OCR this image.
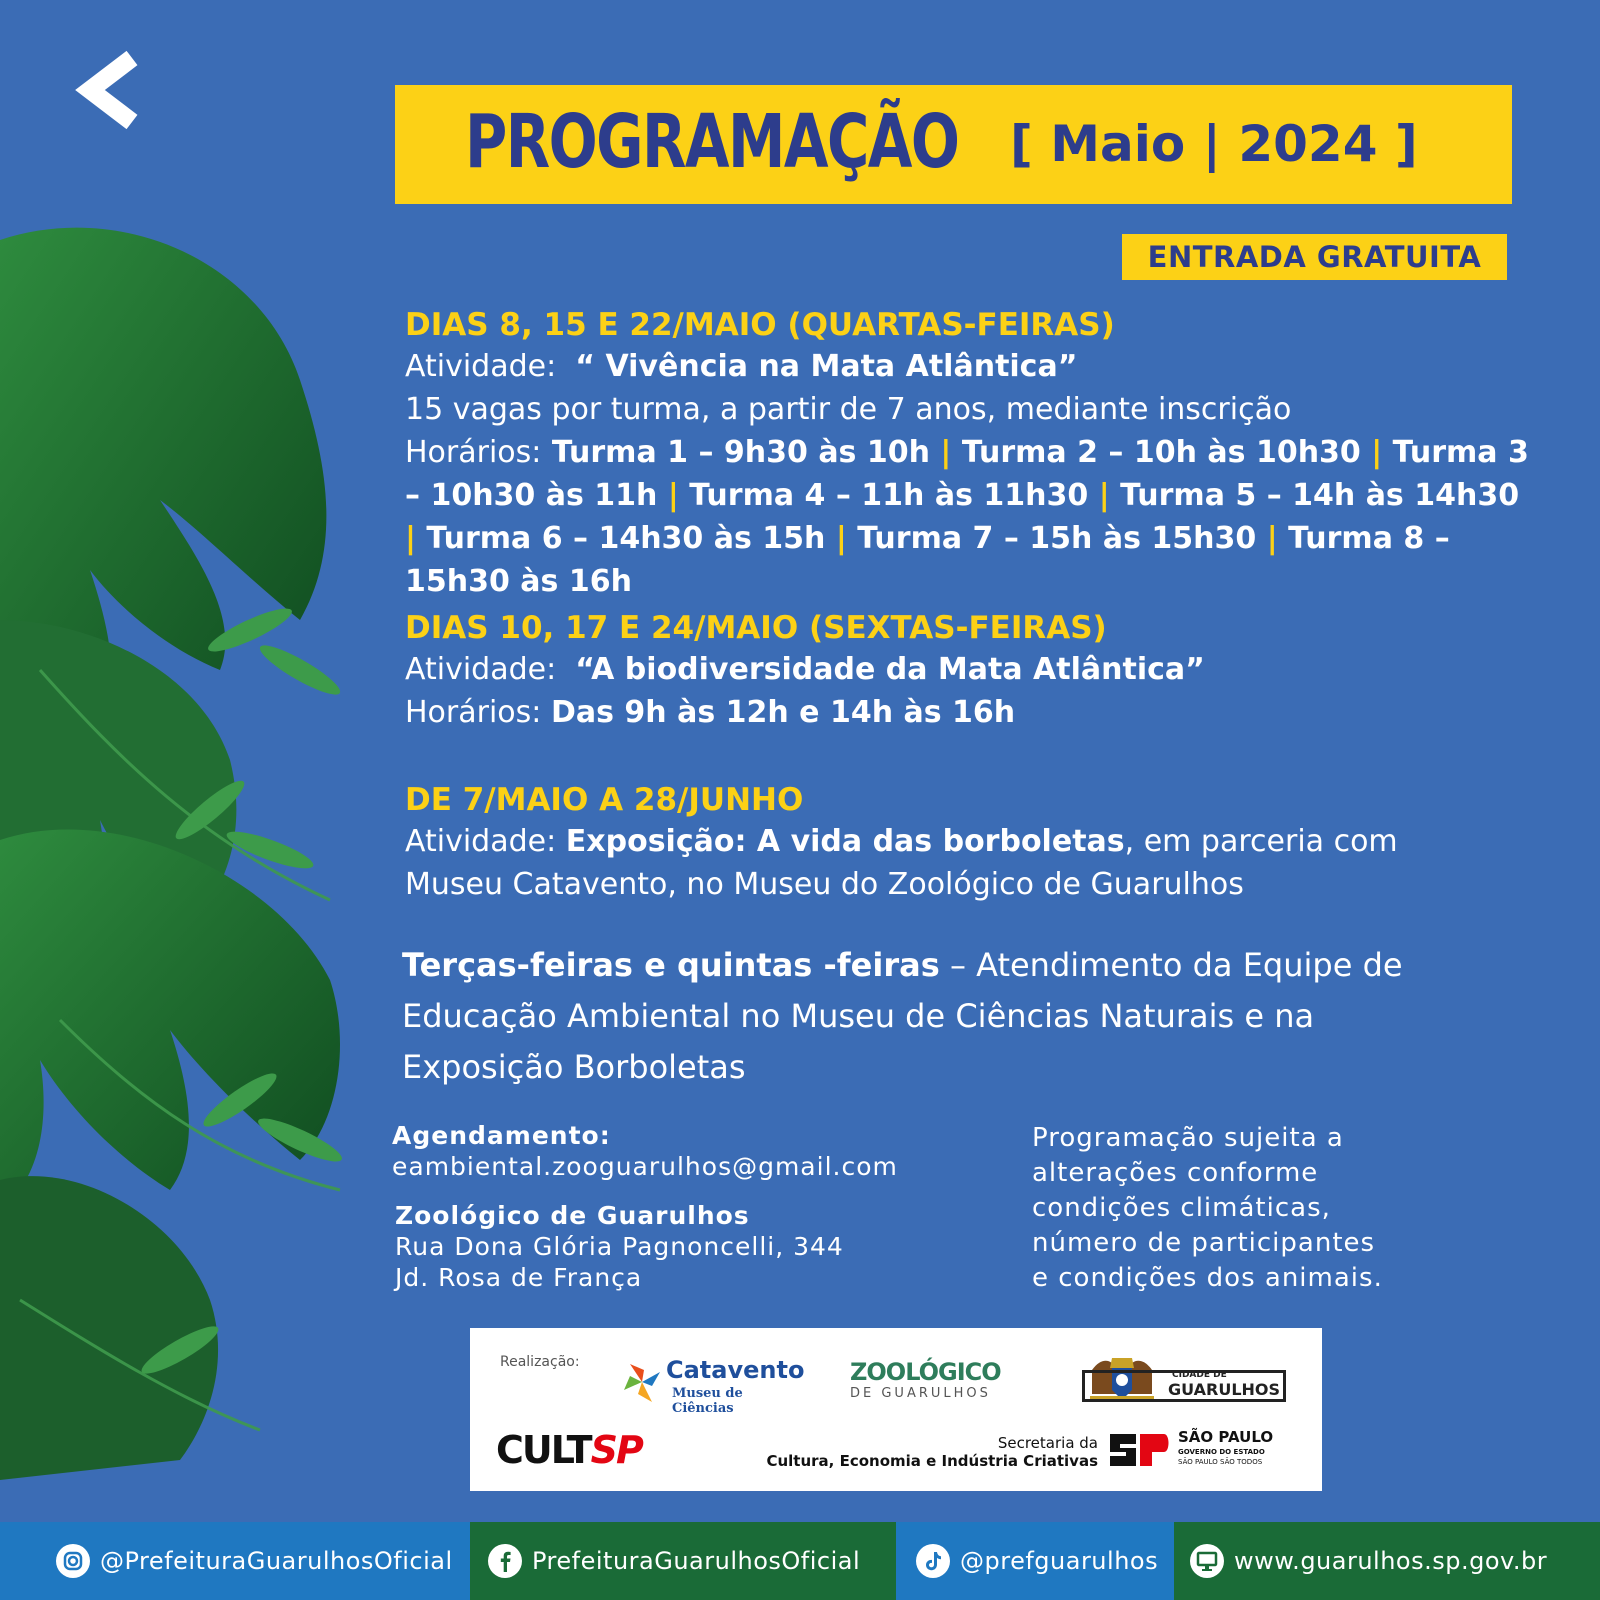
PROGRAMAÇÃO [ Maio | 2024 ]
ENTRADA GRATUITA
DIAS 8, 15 E 22/MAIO (QUARTAS-FEIRAS)
Atividade: “ Vivência na Mata Atlântica”
15 vagas por turma, a partir de 7 anos, mediante inscrição
Horários: Turma 1 – 9h30 às 10h | Turma 2 – 10h às 10h30 | Turma 3 – 10h30 às 11h | Turma 4 – 11h às 11h30 | Turma 5 – 14h às 14h30 | Turma 6 – 14h30 às 15h | Turma 7 – 15h às 15h30 | Turma 8 – 15h30 às 16h
DIAS 10, 17 E 24/MAIO (SEXTAS-FEIRAS)
Atividade: “A biodiversidade da Mata Atlântica”
Horários: Das 9h às 12h e 14h às 16h
DE 7/MAIO A 28/JUNHO
Atividade: Exposição: A vida das borboletas, em parceria com
Museu Catavento, no Museu do Zoológico de Guarulhos
Terças-feiras e quintas -feiras – Atendimento da Equipe de Educação Ambiental no Museu de Ciências Naturais e na Exposição Borboletas
Agendamento:
eambiental.zooguarulhos@gmail.com
Zoológico de Guarulhos
Rua Dona Glória Pagnoncelli, 344
Jd. Rosa de França
Programação sujeita a
alterações conforme
condições climáticas,
número de participantes
e condições dos animais.
Realização:	Catavento
Museu de Ciências
ZOOLÓGICO
DE GUARULHOS
CIDADE DE
GUARULHOS
CULTSP	Secretaria da
Cultura, Economia e Indústria Criativas
SÃO PAULO
GOVERNO DO ESTADO
SÃO PAULO SÃO TODOS
@PrefeituraGuarulhosOficial	PrefeituraGuarulhosOficial	@prefguarulhos	www.guarulhos.sp.gov.br
